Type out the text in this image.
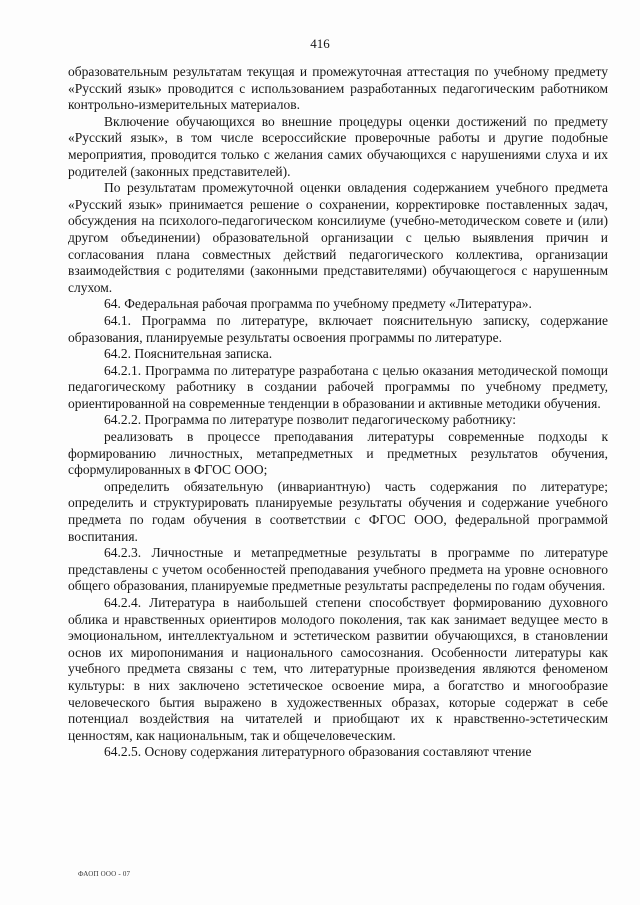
416

образовательным результатам текущая и промежуточная аттестация по учебному предмету «Русский язык» проводится с использованием разработанных педагогическим работником контрольно-измерительных материалов.

Включение обучающихся во внешние процедуры оценки достижений по предмету «Русский язык», в том числе всероссийские проверочные работы и другие подобные мероприятия, проводится только с желания самих обучающихся с нарушениями слуха и их родителей (законных представителей).

По результатам промежуточной оценки овладения содержанием учебного предмета «Русский язык» принимается решение о сохранении, корректировке поставленных задач, обсуждения на психолого-педагогическом консилиуме (учебно-методическом совете и (или) другом объединении) образовательной организации с целью выявления причин и согласования плана совместных действий педагогического коллектива, организации взаимодействия с родителями (законными представителями) обучающегося с нарушенным слухом.

64. Федеральная рабочая программа по учебному предмету «Литература».

64.1. Программа по литературе, включает пояснительную записку, содержание образования, планируемые результаты освоения программы по литературе.

64.2. Пояснительная записка.

64.2.1. Программа по литературе разработана с целью оказания методической помощи педагогическому работнику в создании рабочей программы по учебному предмету, ориентированной на современные тенденции в образовании и активные методики обучения.

64.2.2. Программа по литературе позволит педагогическому работнику:

реализовать в процессе преподавания литературы современные подходы к формированию личностных, метапредметных и предметных результатов обучения, сформулированных в ФГОС ООО;

определить обязательную (инвариантную) часть содержания по литературе; определить и структурировать планируемые результаты обучения и содержание учебного предмета по годам обучения в соответствии с ФГОС ООО, федеральной программой воспитания.

64.2.3. Личностные и метапредметные результаты в программе по литературе представлены с учетом особенностей преподавания учебного предмета на уровне основного общего образования, планируемые предметные результаты распределены по годам обучения.

64.2.4. Литература в наибольшей степени способствует формированию духовного облика и нравственных ориентиров молодого поколения, так как занимает ведущее место в эмоциональном, интеллектуальном и эстетическом развитии обучающихся, в становлении основ их миропонимания и национального самосознания. Особенности литературы как учебного предмета связаны с тем, что литературные произведения являются феноменом культуры: в них заключено эстетическое освоение мира, а богатство и многообразие человеческого бытия выражено в художественных образах, которые содержат в себе потенциал воздействия на читателей и приобщают их к нравственно-эстетическим ценностям, как национальным, так и общечеловеческим.

64.2.5. Основу содержания литературного образования составляют чтение

ФАОП ООО - 07
